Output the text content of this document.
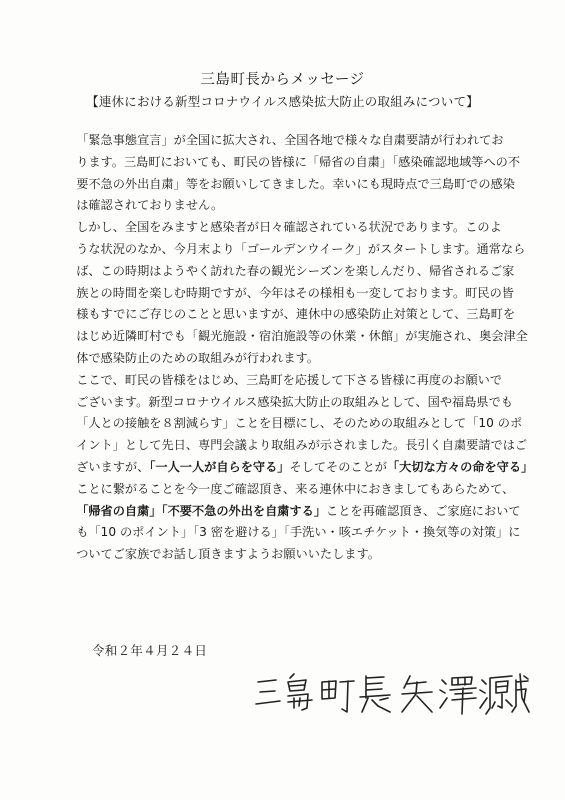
三島町長からメッセージ
【連休における新型コロナウイルス感染拡大防止の取組みについて】

「緊急事態宣言」が全国に拡大され、全国各地で様々な自粛要請が行われてお
ります。三島町においても、町民の皆様に「帰省の自粛」「感染確認地域等への不
要不急の外出自粛」等をお願いしてきました。幸いにも現時点で三島町での感染
は確認されておりません。

しかし、全国をみますと感染者が日々確認されている状況であります。このよ
うな状況のなか、今月末より「ゴールデンウイーク」がスタートします。通常なら
ば、この時期はようやく訪れた春の観光シーズンを楽しんだり、帰省されるご家
族との時間を楽しむ時期ですが、今年はその様相も一変しております。町民の皆
様もすでにご存じのことと思いますが、連休中の感染防止対策として、三島町を
はじめ近隣町村でも「観光施設・宿泊施設等の休業・休館」が実施され、奥会津全
体で感染防止のための取組みが行われます。

ここで、町民の皆様をはじめ、三島町を応援して下さる皆様に再度のお願いで
ございます。新型コロナウイルス感染拡大防止の取組みとして、国や福島県でも
「人との接触を８割減らす」ことを目標にし、そのための取組みとして「10 のポ
イント」として先日、専門会議より取組みが示されました。長引く自粛要請ではご
ざいますが、「一人一人が自らを守る」そしてそのことが「大切な方々の命を守る」
ことに繋がることを今一度ご確認頂き、来る連休中におきましてもあらためて、
「帰省の自粛」「不要不急の外出を自粛する」ことを再確認頂き、ご家庭において
も「10 のポイント」「3 密を避ける」「手洗い・咳エチケット・換気等の対策」に
ついてご家族でお話し頂きますようお願いいたします。

令和２年４月２４日
